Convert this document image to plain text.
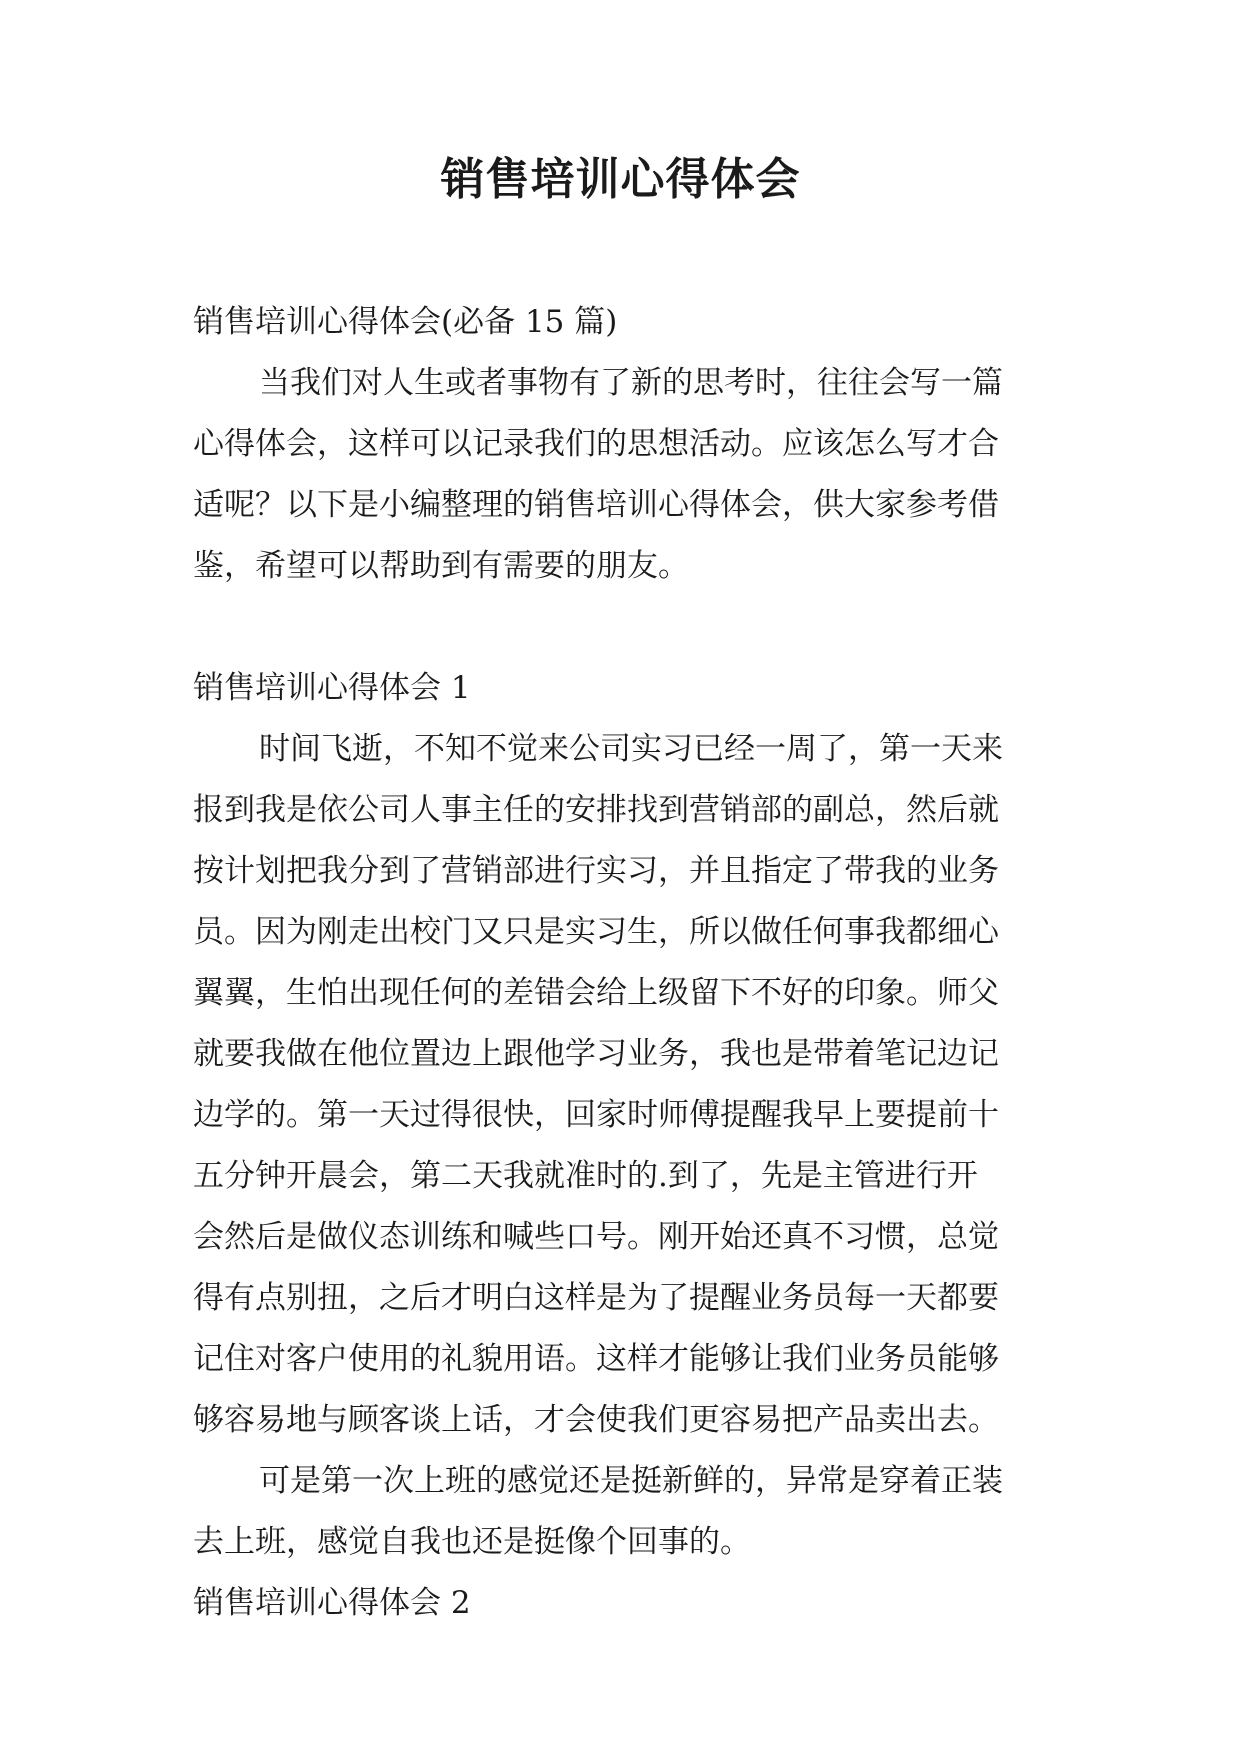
销售培训心得体会
销售培训心得体会(必备 15 篇)
当我们对人生或者事物有了新的思考时，往往会写一篇
心得体会，这样可以记录我们的思想活动。应该怎么写才合
适呢？以下是小编整理的销售培训心得体会，供大家参考借
鉴，希望可以帮助到有需要的朋友。
销售培训心得体会 1
时间飞逝，不知不觉来公司实习已经一周了，第一天来
报到我是依公司人事主任的安排找到营销部的副总，然后就
按计划把我分到了营销部进行实习，并且指定了带我的业务
员。因为刚走出校门又只是实习生，所以做任何事我都细心
翼翼，生怕出现任何的差错会给上级留下不好的印象。师父
就要我做在他位置边上跟他学习业务，我也是带着笔记边记
边学的。第一天过得很快，回家时师傅提醒我早上要提前十
五分钟开晨会，第二天我就准时的.到了，先是主管进行开
会然后是做仪态训练和喊些口号。刚开始还真不习惯，总觉
得有点别扭，之后才明白这样是为了提醒业务员每一天都要
记住对客户使用的礼貌用语。这样才能够让我们业务员能够
够容易地与顾客谈上话，才会使我们更容易把产品卖出去。
可是第一次上班的感觉还是挺新鲜的，异常是穿着正装
去上班，感觉自我也还是挺像个回事的。
销售培训心得体会 2
